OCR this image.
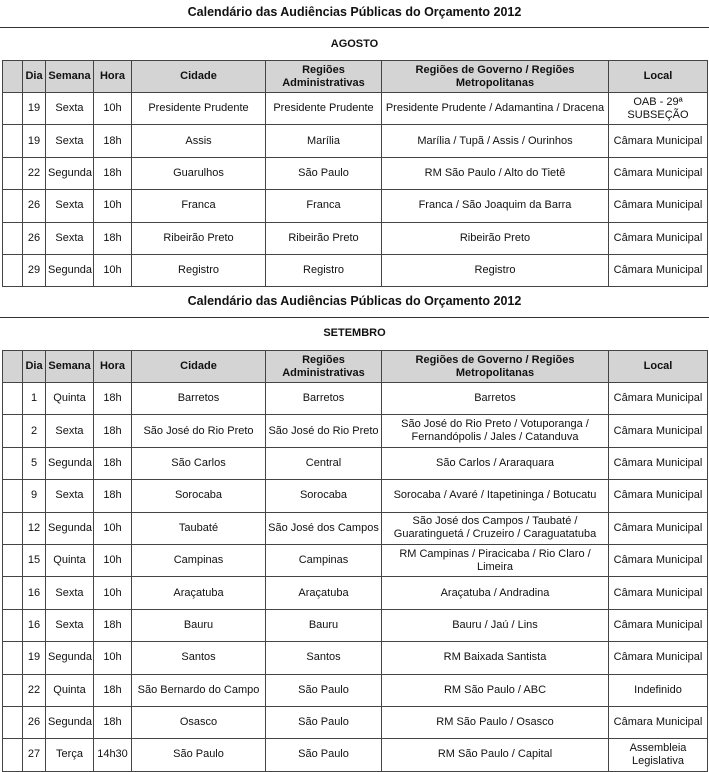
Calendário das Audiências Públicas do Orçamento 2012
AGOSTO
	Dia	Semana	Hora	Cidade	Regiões
Administrativas	Regiões de Governo / Regiões
Metropolitanas	Local
	19	Sexta	10h	Presidente Prudente	Presidente Prudente	Presidente Prudente / Adamantina / Dracena	OAB - 29ª
SUBSEÇÃO
	19	Sexta	18h	Assis	Marília	Marília / Tupã / Assis / Ourinhos	Câmara Municipal
	22	Segunda	18h	Guarulhos	São Paulo	RM São Paulo / Alto do Tietê	Câmara Municipal
	26	Sexta	10h	Franca	Franca	Franca / São Joaquim da Barra	Câmara Municipal
	26	Sexta	18h	Ribeirão Preto	Ribeirão Preto	Ribeirão Preto	Câmara Municipal
	29	Segunda	10h	Registro	Registro	Registro	Câmara Municipal
Calendário das Audiências Públicas do Orçamento 2012
SETEMBRO
	Dia	Semana	Hora	Cidade	Regiões
Administrativas	Regiões de Governo / Regiões
Metropolitanas	Local
	1	Quinta	18h	Barretos	Barretos	Barretos	Câmara Municipal
	2	Sexta	18h	São José do Rio Preto	São José do Rio Preto	São José do Rio Preto / Votuporanga /
Fernandópolis / Jales / Catanduva	Câmara Municipal
	5	Segunda	18h	São Carlos	Central	São Carlos / Araraquara	Câmara Municipal
	9	Sexta	18h	Sorocaba	Sorocaba	Sorocaba / Avaré / Itapetininga / Botucatu	Câmara Municipal
	12	Segunda	10h	Taubaté	São José dos Campos	São José dos Campos / Taubaté /
Guaratinguetá / Cruzeiro / Caraguatatuba	Câmara Municipal
	15	Quinta	10h	Campinas	Campinas	RM Campinas / Piracicaba / Rio Claro / Limeira	Câmara Municipal
	16	Sexta	10h	Araçatuba	Araçatuba	Araçatuba / Andradina	Câmara Municipal
	16	Sexta	18h	Bauru	Bauru	Bauru / Jaú / Lins	Câmara Municipal
	19	Segunda	10h	Santos	Santos	RM Baixada Santista	Câmara Municipal
	22	Quinta	18h	São Bernardo do Campo	São Paulo	RM São Paulo / ABC	Indefinido
	26	Segunda	18h	Osasco	São Paulo	RM São Paulo / Osasco	Câmara Municipal
	27	Terça	14h30	São Paulo	São Paulo	RM São Paulo / Capital	Assembleia
Legislativa
